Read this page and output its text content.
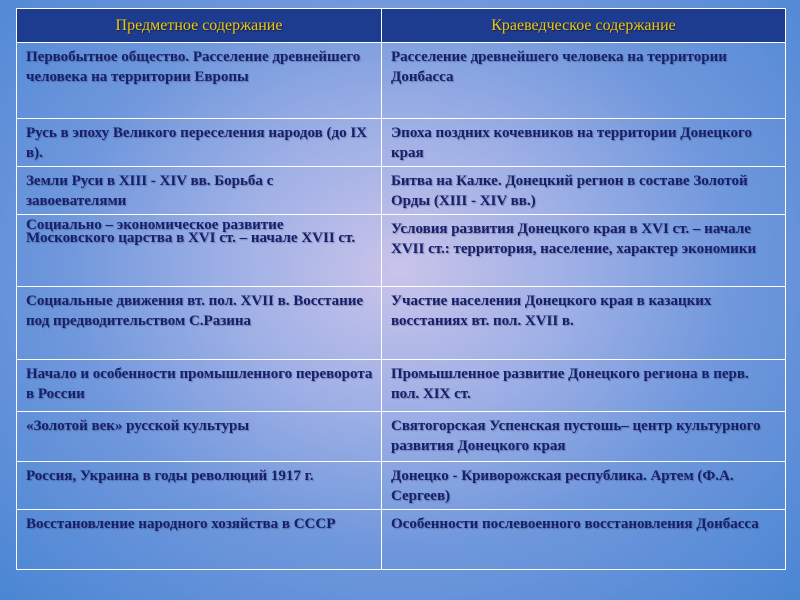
Предметное содержание	Краеведческое содержание
Первобытное общество. Расселение древнейшего человека на территории Европы	Расселение древнейшего человека на территории Донбасса
Русь в эпоху Великого переселения народов (до IX в).	Эпоха поздних кочевников на территории Донецкого края
Земли Руси в XIII - XIV вв. Борьба с завоевателями	Битва на Калке. Донецкий регион в составе Золотой Орды (XIII - XIV вв.)
Социально – экономическое развитие Московского царства в XVI ст. – начале XVII ст.	Условия развития Донецкого края в XVI ст. – начале XVII ст.: территория, население, характер экономики
Социальные движения вт. пол. XVII в. Восстание под предводительством С.Разина	Участие населения Донецкого края в казацких восстаниях вт. пол. XVII в.
Начало и особенности промышленного переворота в России	Промышленное развитие Донецкого региона в перв. пол. XIX ст.
«Золотой век» русской культуры	Святогорская Успенская пустошь– центр культурного развития Донецкого края
Россия, Украина в годы революций 1917 г.	Донецко - Криворожская республика. Артем (Ф.А. Сергеев)
Восстановление народного хозяйства в СССР	Особенности послевоенного восстановления Донбасса
